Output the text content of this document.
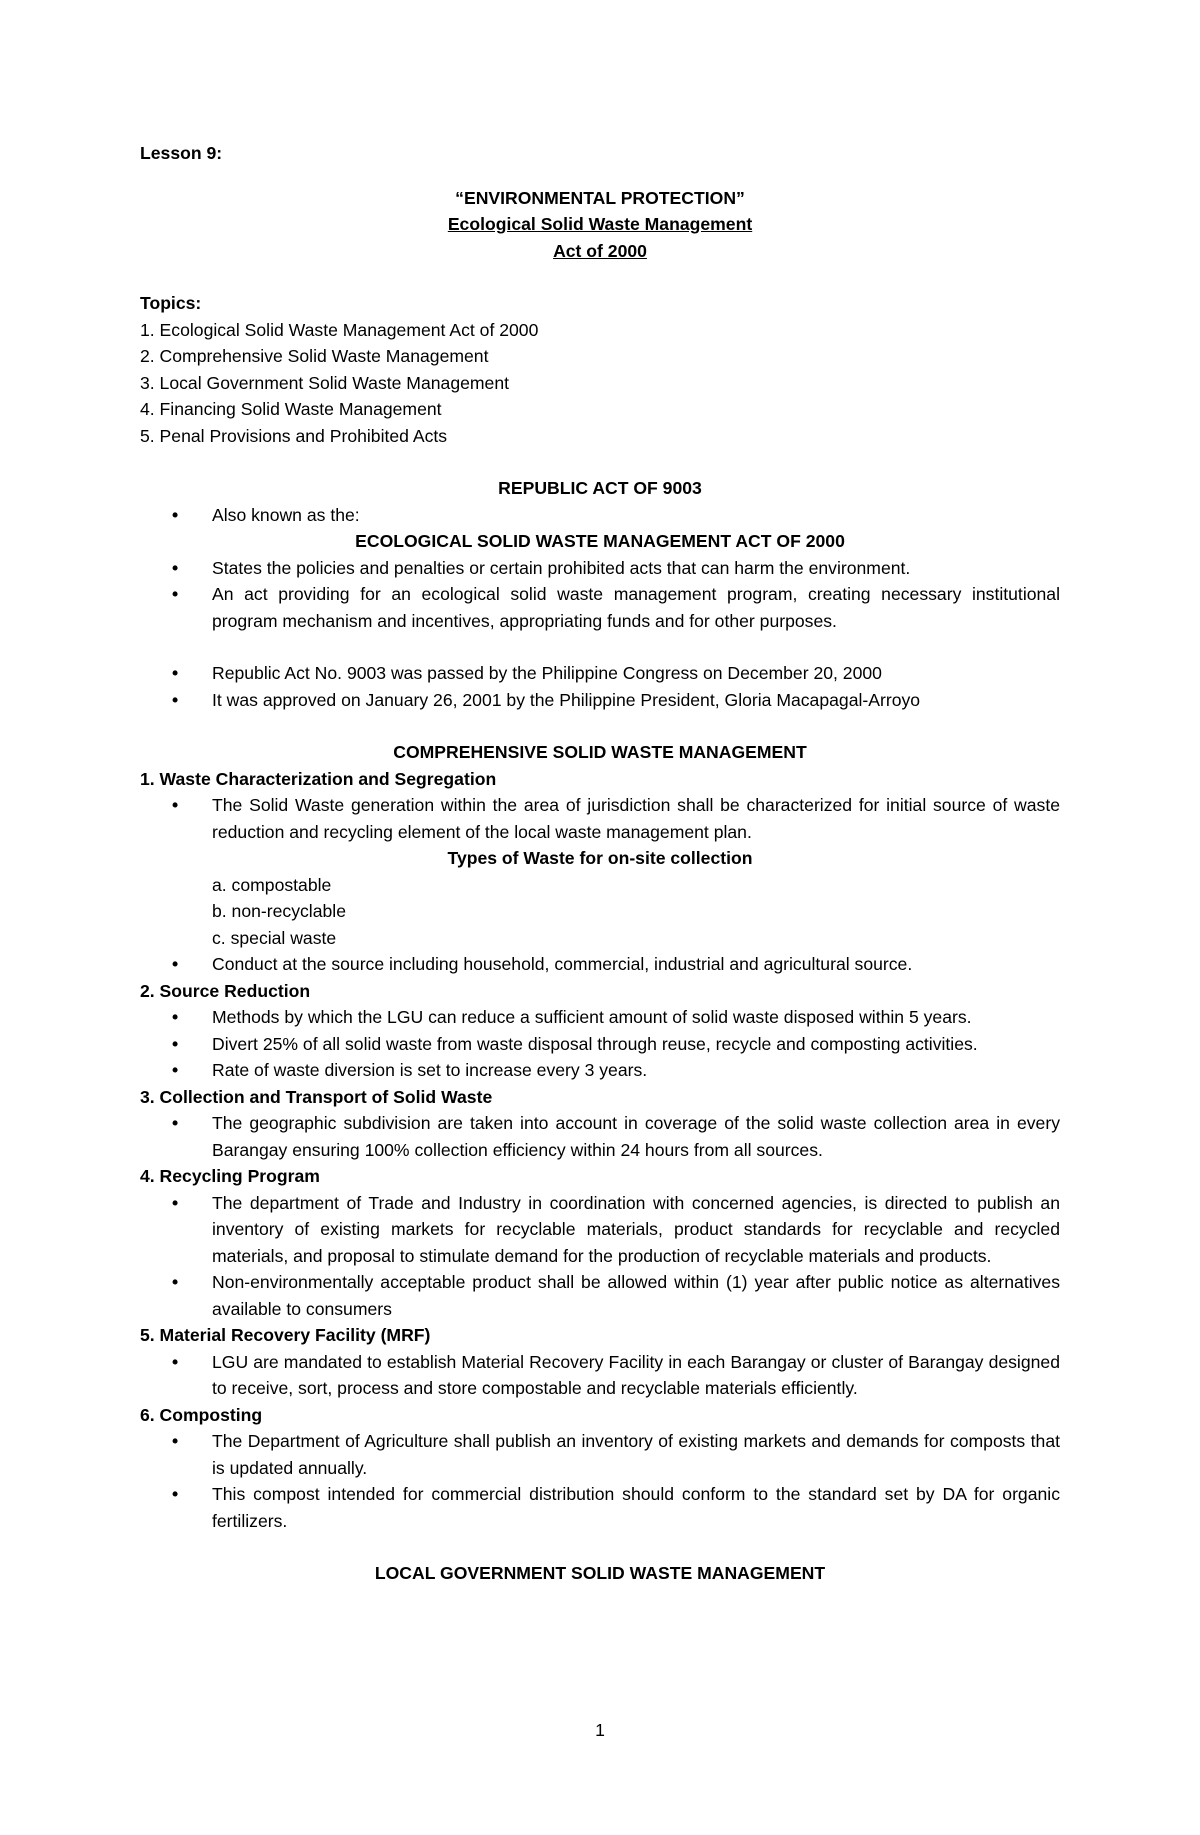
Lesson 9:
“ENVIRONMENTAL PROTECTION”
Ecological Solid Waste Management
Act of 2000
Topics:
1. Ecological Solid Waste Management Act of 2000
2. Comprehensive Solid Waste Management
3. Local Government Solid Waste Management
4. Financing Solid Waste Management
5. Penal Provisions and Prohibited Acts
REPUBLIC ACT OF 9003
• Also known as the:
ECOLOGICAL SOLID WASTE MANAGEMENT ACT OF 2000
• States the policies and penalties or certain prohibited acts that can harm the environment.
• An act providing for an ecological solid waste management program, creating necessary institutional program mechanism and incentives, appropriating funds and for other purposes.
• Republic Act No. 9003 was passed by the Philippine Congress on December 20, 2000
• It was approved on January 26, 2001 by the Philippine President, Gloria Macapagal-Arroyo
COMPREHENSIVE SOLID WASTE MANAGEMENT
1. Waste Characterization and Segregation
• The Solid Waste generation within the area of jurisdiction shall be characterized for initial source of waste reduction and recycling element of the local waste management plan.
Types of Waste for on-site collection
a. compostable
b. non-recyclable
c. special waste
• Conduct at the source including household, commercial, industrial and agricultural source.
2. Source Reduction
• Methods by which the LGU can reduce a sufficient amount of solid waste disposed within 5 years.
• Divert 25% of all solid waste from waste disposal through reuse, recycle and composting activities.
• Rate of waste diversion is set to increase every 3 years.
3. Collection and Transport of Solid Waste
• The geographic subdivision are taken into account in coverage of the solid waste collection area in every Barangay ensuring 100% collection efficiency within 24 hours from all sources.
4. Recycling Program
• The department of Trade and Industry in coordination with concerned agencies, is directed to publish an inventory of existing markets for recyclable materials, product standards for recyclable and recycled materials, and proposal to stimulate demand for the production of recyclable materials and products.
• Non-environmentally acceptable product shall be allowed within (1) year after public notice as alternatives available to consumers
5. Material Recovery Facility (MRF)
• LGU are mandated to establish Material Recovery Facility in each Barangay or cluster of Barangay designed to receive, sort, process and store compostable and recyclable materials efficiently.
6. Composting
• The Department of Agriculture shall publish an inventory of existing markets and demands for composts that is updated annually.
• This compost intended for commercial distribution should conform to the standard set by DA for organic fertilizers.
LOCAL GOVERNMENT SOLID WASTE MANAGEMENT
1
